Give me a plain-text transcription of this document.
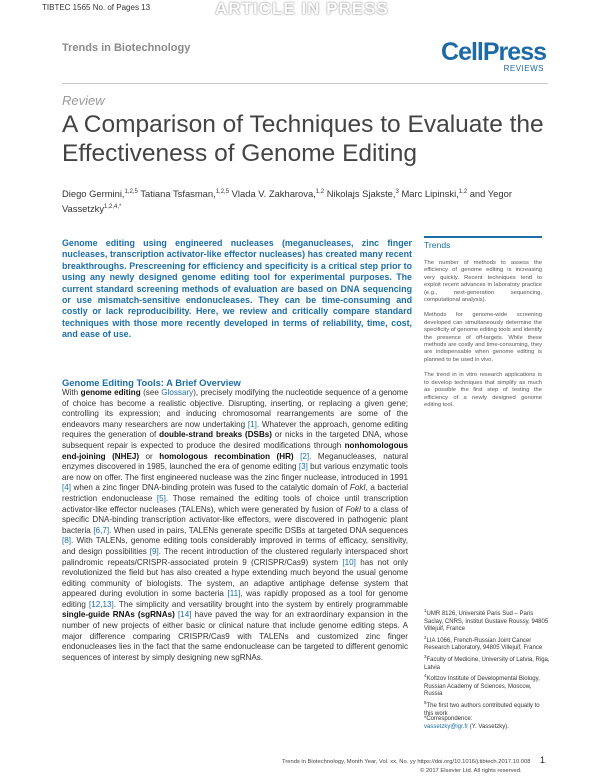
TIBTEC 1565 No. of Pages 13	ARTICLE IN PRESS
Trends in Biotechnology	CellPress
REVIEWS
Review
A Comparison of Techniques to Evaluate the Effectiveness of Genome Editing
Diego Germini,$^{1,2,5}$ Tatiana Tsfasman,$^{1,2,5}$ Vlada V. Zakharova,$^{1,2}$ Nikolajs Sjakste,$^3$ Marc Lipinski,$^{1,2}$ and Yegor Vassetzky$^{1,2,4,*}$

Genome editing using engineered nucleases (meganucleases, zinc finger nucleases, transcription activator-like effector nucleases) has created many recent breakthroughs. Prescreening for efficiency and specificity is a critical step prior to using any newly designed genome editing tool for experimental purposes. The current standard screening methods of evaluation are based on DNA sequencing or use mismatch-sensitive endonucleases. They can be time-consuming and costly or lack reproducibility. Here, we review and critically compare standard techniques with those more recently developed in terms of reliability, time, cost, and ease of use.

Genome Editing Tools: A Brief Overview

With genome editing (see Glossary), precisely modifying the nucleotide sequence of a genome of choice has become a realistic objective. Disrupting, inserting, or replacing a given gene; controlling its expression; and inducing chromosomal rearrangements are some of the endeavors many researchers are now undertaking [1]. Whatever the approach, genome editing requires the generation of double-strand breaks (DSBs) or nicks in the targeted DNA, whose subsequent repair is expected to produce the desired modifications through nonhomologous end-joining (NHEJ) or homologous recombination (HR) [2]. Meganucleases, natural enzymes discovered in 1985, launched the era of genome editing [3] but various enzymatic tools are now on offer. The first engineered nuclease was the zinc finger nuclease, introduced in 1991 [4] when a zinc finger DNA-binding protein was fused to the catalytic domain of FokI, a bacterial restriction endonuclease [5]. Those remained the editing tools of choice until transcription activator-like effector nucleases (TALENs), which were generated by fusion of FokI to a class of specific DNA-binding transcription activator-like effectors, were discovered in pathogenic plant bacteria [6,7]. When used in pairs, TALENs generate specific DSBs at targeted DNA sequences [8]. With TALENs, genome editing tools considerably improved in terms of efficacy, sensitivity, and design possibilities [9]. The recent introduction of the clustered regularly interspaced short palindromic repeats/CRISPR-associated protein 9 (CRISPR/Cas9) system [10] has not only revolutionized the field but has also created a hype extending much beyond the usual genome editing community of biologists. The system, an adaptive antiphage defense system that appeared during evolution in some bacteria [11], was rapidly proposed as a tool for genome editing [12,13]. The simplicity and versatility brought into the system by entirely programmable single-guide RNAs (sgRNAs) [14] have paved the way for an extraordinary expansion in the number of new projects of either basic or clinical nature that include genome editing steps. A major difference comparing CRISPR/Cas9 with TALENs and customized zinc finger endonucleases lies in the fact that the same endonuclease can be targeted to different genomic sequences of interest by simply designing new sgRNAs.

Trends

The number of methods to assess the efficiency of genome editing is increasing very quickly. Recent techniques tend to exploit recent advances in laboratory practice (e.g., next-generation sequencing, computational analysis).

Methods for genome-wide screening developed can simultaneously determine the specificity of genome editing tools and identify the presence of off-targets. While these methods are costly and time-consuming, they are indispensable when genome editing is planned to be used in vivo.

The trend in in vitro research applications is to develop techniques that simplify as much as possible the first step of testing the efficiency of a newly designed genome editing tool.

$^1$UMR 8126, Université Paris Sud – Paris Saclay, CNRS, Institut Gustave Roussy, 94805 Villejuif, France
$^2$LIA 1066, French-Russian Joint Cancer Research Laboratory, 94805 Villejuif, France
$^3$Faculty of Medicine, University of Latvia, Riga, Latvia
$^4$Koltzov Institute of Developmental Biology, Russian Academy of Sciences, Moscow, Russia
$^5$The first two authors contributed equally to this work

*Correspondence:
vassetzky@igr.fr (Y. Vassetzky).
Trends in Biotechnology, Month Year, Vol. xx, No. yy https://doi.org/10.1016/j.tibtech.2017.10.008 1
© 2017 Elsevier Ltd. All rights reserved.
